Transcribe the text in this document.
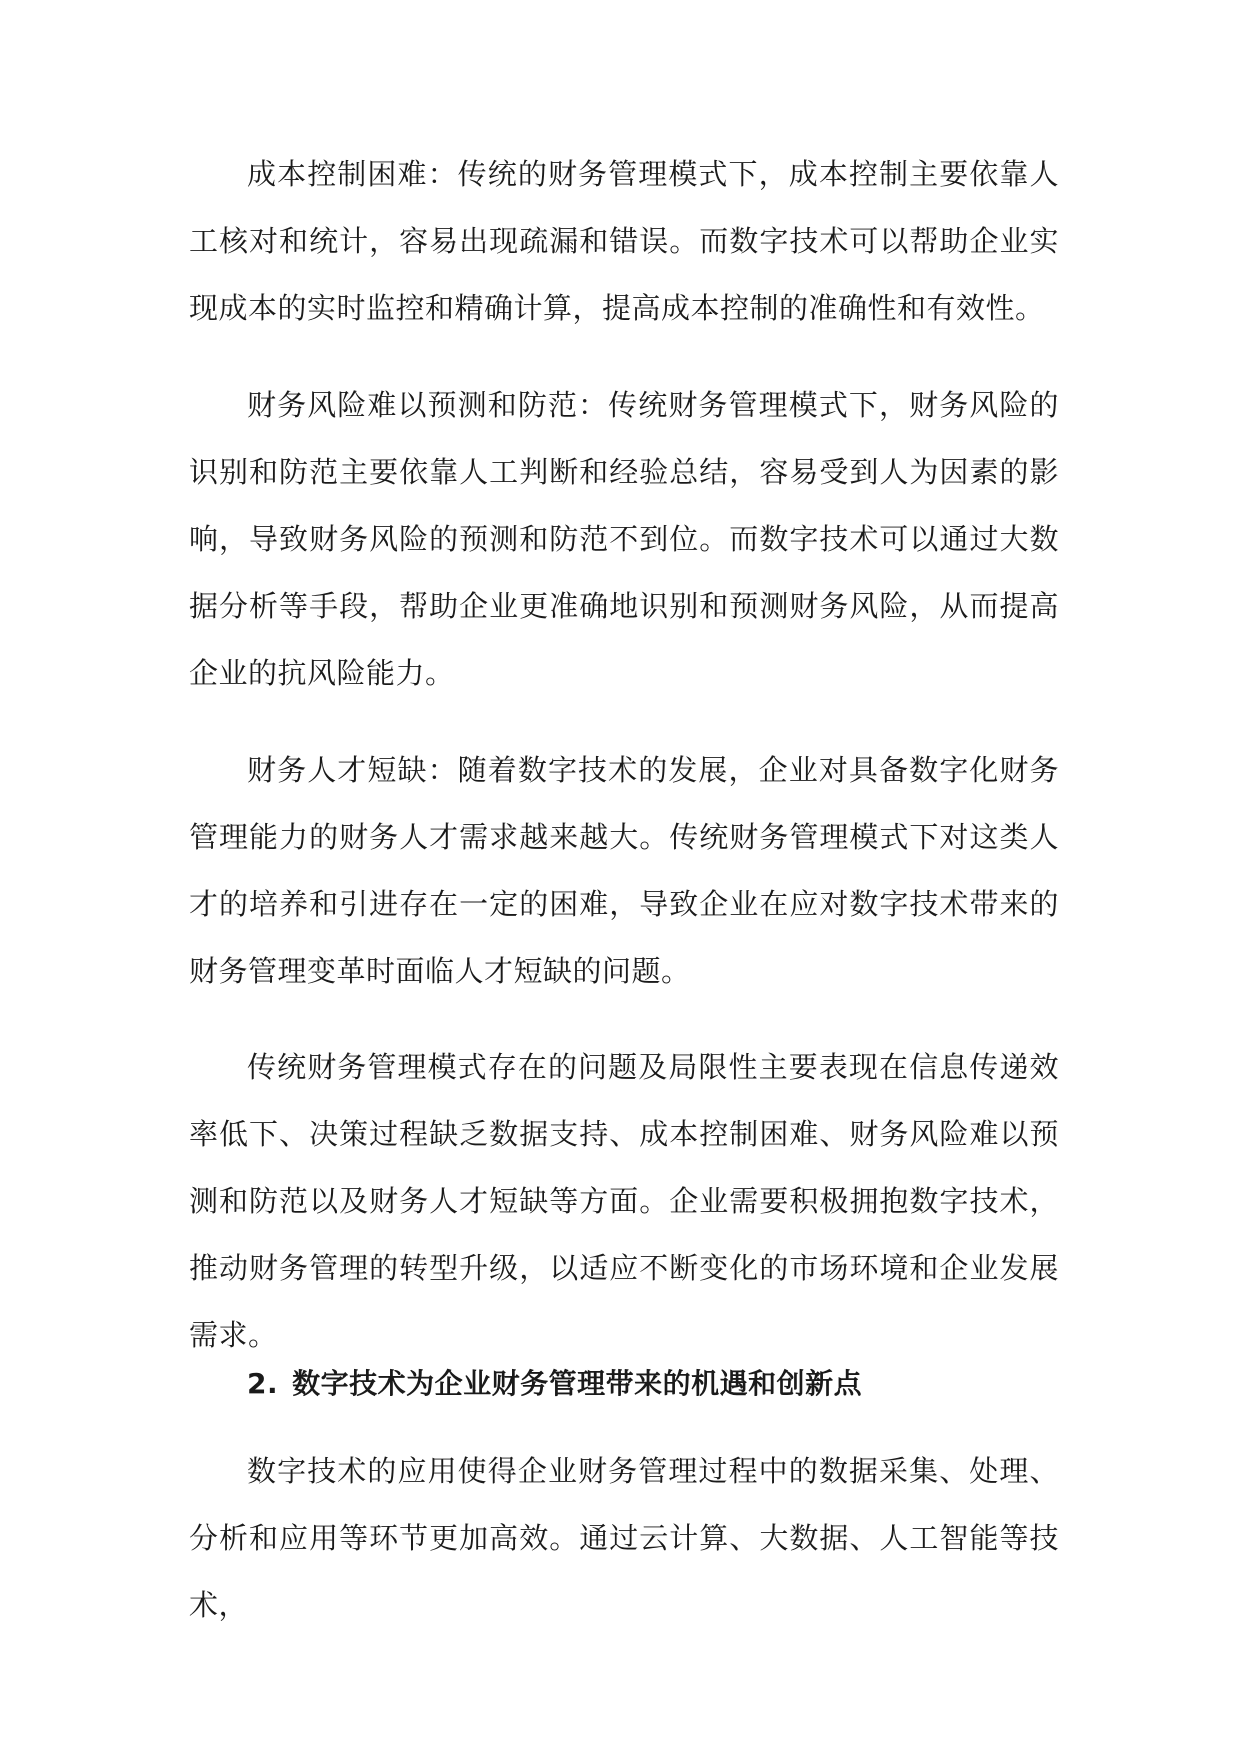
成本控制困难：传统的财务管理模式下，成本控制主要依靠人工核对和统计，容易出现疏漏和错误。而数字技术可以帮助企业实现成本的实时监控和精确计算，提高成本控制的准确性和有效性。

财务风险难以预测和防范：传统财务管理模式下，财务风险的识别和防范主要依靠人工判断和经验总结，容易受到人为因素的影响，导致财务风险的预测和防范不到位。而数字技术可以通过大数据分析等手段，帮助企业更准确地识别和预测财务风险，从而提高企业的抗风险能力。

财务人才短缺：随着数字技术的发展，企业对具备数字化财务管理能力的财务人才需求越来越大。传统财务管理模式下对这类人才的培养和引进存在一定的困难，导致企业在应对数字技术带来的财务管理变革时面临人才短缺的问题。

传统财务管理模式存在的问题及局限性主要表现在信息传递效率低下、决策过程缺乏数据支持、成本控制困难、财务风险难以预测和防范以及财务人才短缺等方面。企业需要积极拥抱数字技术，推动财务管理的转型升级，以适应不断变化的市场环境和企业发展需求。

2. 数字技术为企业财务管理带来的机遇和创新点

数字技术的应用使得企业财务管理过程中的数据采集、处理、分析和应用等环节更加高效。通过云计算、大数据、人工智能等技术，
